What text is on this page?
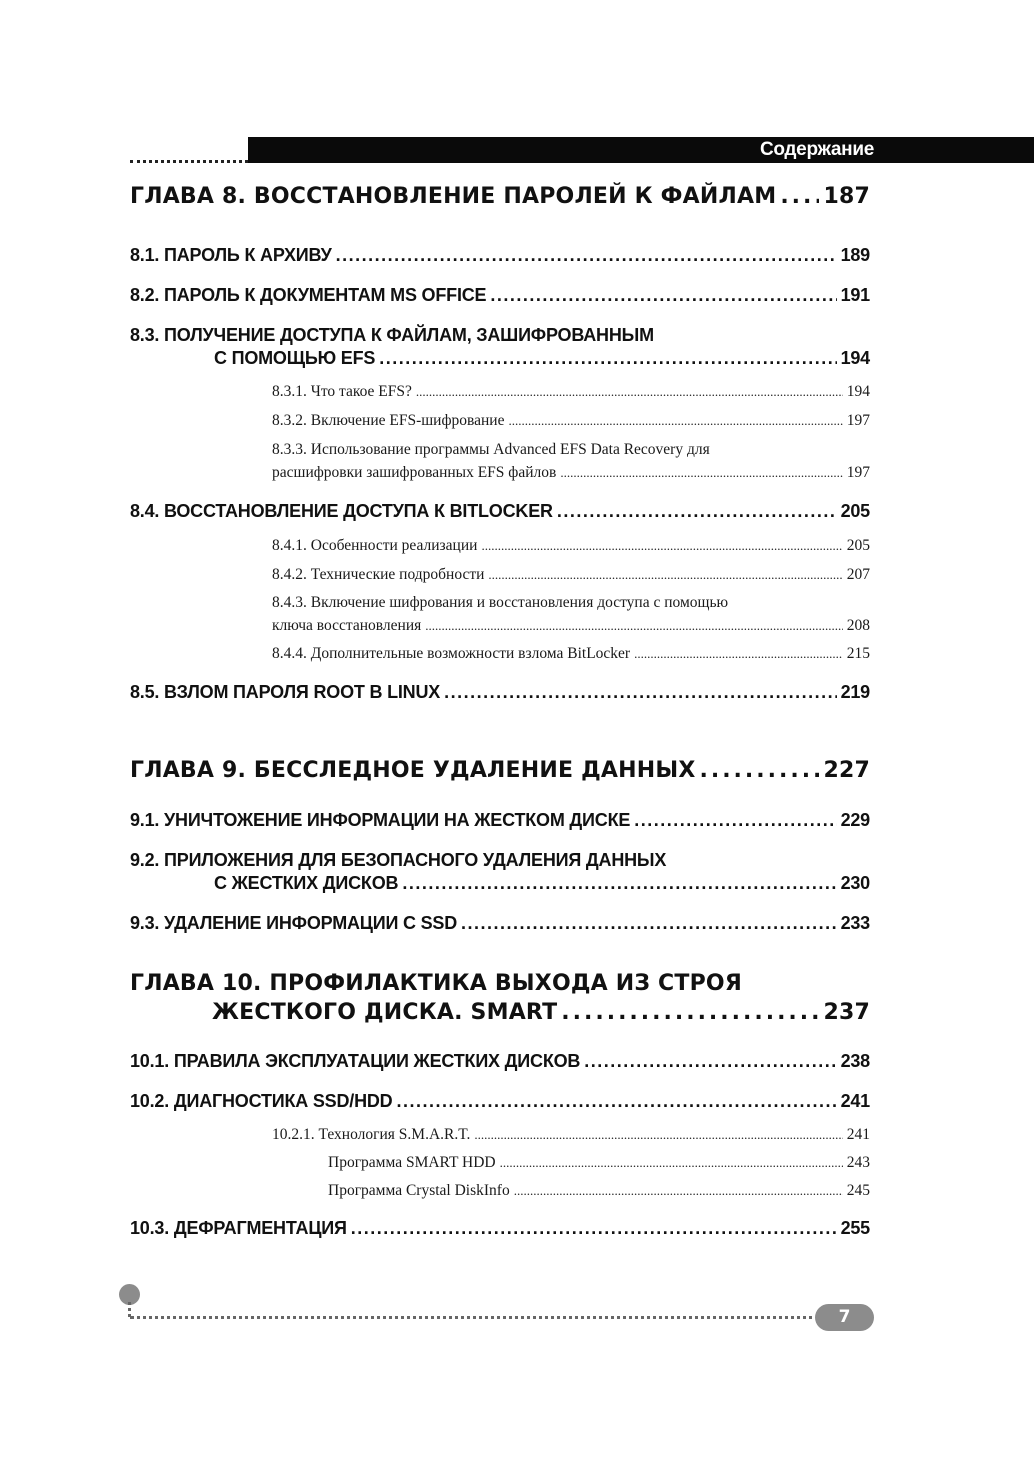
Содержание
ГЛАВА 8. ВОССТАНОВЛЕНИЕ ПАРОЛЕЙ К ФАЙЛАМ ..... 187
8.1. ПАРОЛЬ К АРХИВУ .....	189
8.2. ПАРОЛЬ К ДОКУМЕНТАМ MS OFFICE .....	191
8.3. ПОЛУЧЕНИЕ ДОСТУПА К ФАЙЛАМ, ЗАШИФРОВАННЫМ
С ПОМОЩЬЮ EFS .....	194
8.3.1. Что такое EFS? .....	194
8.3.2. Включение EFS-шифрование .....	197
8.3.3. Использование программы Advanced EFS Data Recovery для
расшифровки зашифрованных EFS файлов .....	197
8.4. ВОССТАНОВЛЕНИЕ ДОСТУПА К BITLOCKER .....	205
8.4.1. Особенности реализации .....	205
8.4.2. Технические подробности .....	207
8.4.3. Включение шифрования и восстановления доступа с помощью
ключа восстановления .....	208
8.4.4. Дополнительные возможности взлома BitLocker .....	215
8.5. ВЗЛОМ ПАРОЛЯ ROOT В LINUX .....	219
ГЛАВА 9. БЕССЛЕДНОЕ УДАЛЕНИЕ ДАННЫХ .....	227
9.1. УНИЧТОЖЕНИЕ ИНФОРМАЦИИ НА ЖЕСТКОМ ДИСКЕ .....	229
9.2. ПРИЛОЖЕНИЯ ДЛЯ БЕЗОПАСНОГО УДАЛЕНИЯ ДАННЫХ
С ЖЕСТКИХ ДИСКОВ .....	230
9.3. УДАЛЕНИЕ ИНФОРМАЦИИ С SSD .....	233
ГЛАВА 10. ПРОФИЛАКТИКА ВЫХОДА ИЗ СТРОЯ
ЖЕСТКОГО ДИСКА. SMART .....	237
10.1. ПРАВИЛА ЭКСПЛУАТАЦИИ ЖЕСТКИХ ДИСКОВ .....	238
10.2. ДИАГНОСТИКА SSD/HDD .....	241
10.2.1. Технология S.M.A.R.T. .....	241
Программа SMART HDD .....	243
Программа Crystal DiskInfo .....	245
10.3. ДЕФРАГМЕНТАЦИЯ .....	255
7
